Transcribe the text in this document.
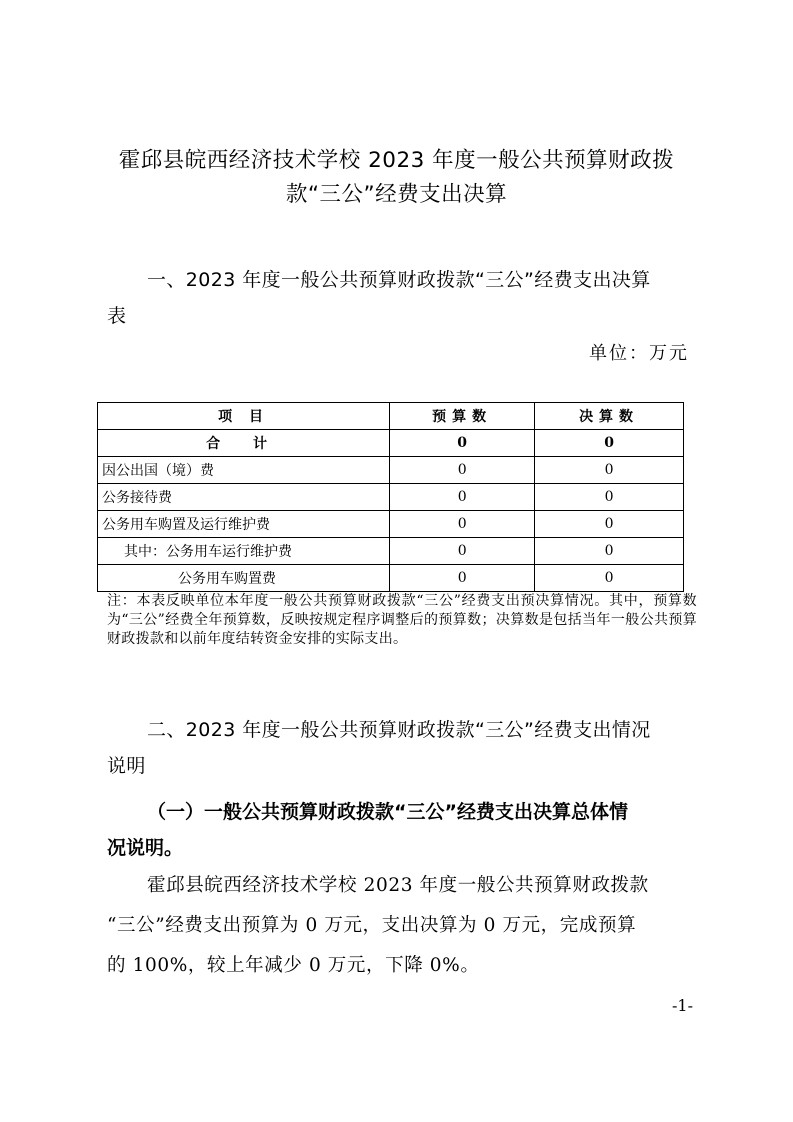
霍邱县皖西经济技术学校 2023 年度一般公共预算财政拨
款“三公”经费支出决算
一、2023 年度一般公共预算财政拨款“三公”经费支出决算
表
单位：万元
项 目	预算数	决算数
合 计	0	0
因公出国（境）费	0	0
公务接待费	0	0
公务用车购置及运行维护费	0	0
其中：公务用车运行维护费	0	0
公务用车购置费	0	0
注：本表反映单位本年度一般公共预算财政拨款“三公”经费支出预决算情况。其中，预算数为“三公”经费全年预算数，反映按规定程序调整后的预算数；决算数是包括当年一般公共预算财政拨款和以前年度结转资金安排的实际支出。
二、2023 年度一般公共预算财政拨款“三公”经费支出情况
说明
（一）一般公共预算财政拨款“三公”经费支出决算总体情
况说明。
霍邱县皖西经济技术学校 2023 年度一般公共预算财政拨款
“三公”经费支出预算为 0 万元，支出决算为 0 万元，完成预算
的 100%，较上年减少 0 万元，下降 0%。
-1-
